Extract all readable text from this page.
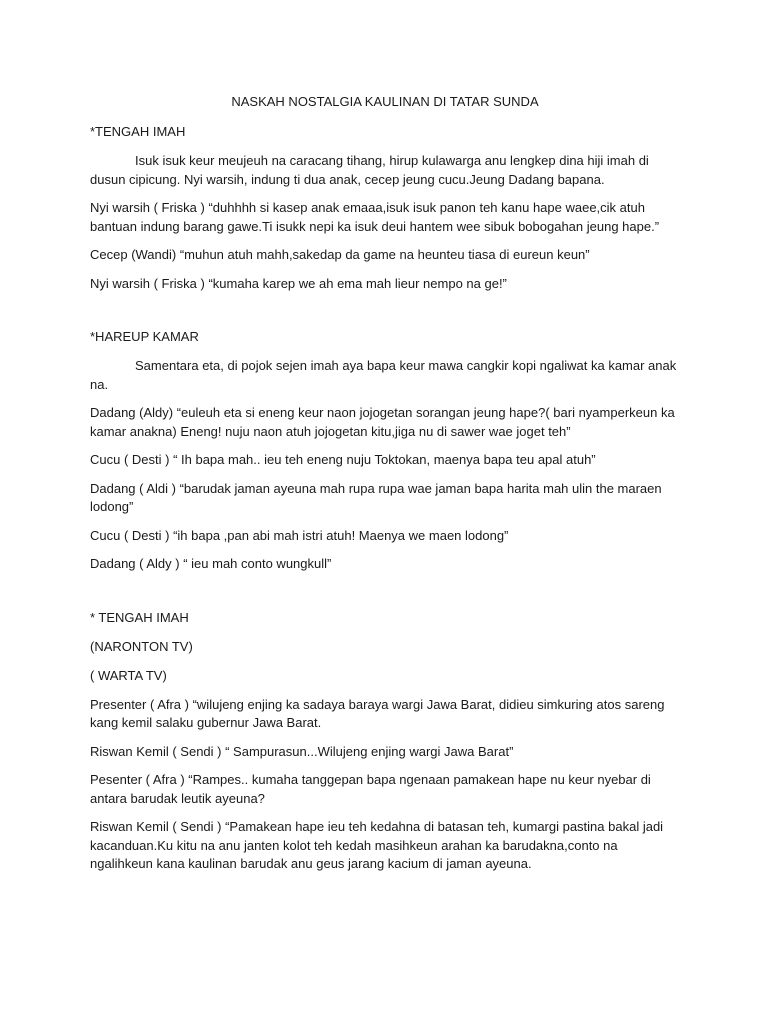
NASKAH NOSTALGIA KAULINAN DI TATAR SUNDA
*TENGAH IMAH
Isuk isuk keur meujeuh na caracang tihang, hirup kulawarga anu lengkep dina hiji imah di dusun cipicung. Nyi warsih, indung ti dua anak, cecep jeung cucu.Jeung Dadang bapana.
Nyi warsih ( Friska ) “duhhhh si kasep anak emaaa,isuk isuk panon teh kanu hape waee,cik atuh bantuan indung barang gawe.Ti isukk nepi ka isuk deui hantem wee sibuk bobogahan jeung hape.”
Cecep (Wandi) “muhun atuh mahh,sakedap da game na heunteu tiasa di eureun keun”
Nyi warsih ( Friska ) “kumaha karep we ah ema mah lieur nempo na ge!”
*HAREUP KAMAR
Samentara eta, di pojok sejen imah aya bapa keur mawa cangkir kopi ngaliwat ka kamar anak na.
Dadang (Aldy) “euleuh eta si eneng keur naon jojogetan sorangan jeung hape?( bari nyamperkeun ka kamar anakna) Eneng! nuju naon atuh jojogetan kitu,jiga nu di sawer wae joget teh”
Cucu ( Desti ) “ Ih bapa mah.. ieu teh eneng nuju Toktokan, maenya bapa teu apal atuh”
Dadang ( Aldi ) “barudak jaman ayeuna mah rupa rupa wae jaman bapa harita mah ulin the maraen lodong”
Cucu ( Desti ) “ih bapa ,pan abi mah istri atuh! Maenya we maen lodong”
Dadang ( Aldy ) “ ieu mah conto wungkull”
* TENGAH IMAH
(NARONTON TV)
( WARTA TV)
Presenter ( Afra ) “wilujeng enjing ka sadaya baraya wargi Jawa Barat, didieu simkuring atos sareng kang kemil salaku gubernur Jawa Barat.
Riswan Kemil ( Sendi ) “ Sampurasun...Wilujeng enjing wargi Jawa Barat”
Pesenter ( Afra ) “Rampes.. kumaha tanggepan bapa ngenaan pamakean hape nu keur nyebar di antara barudak leutik ayeuna?
Riswan Kemil ( Sendi ) “Pamakean hape ieu teh kedahna di batasan teh, kumargi pastina bakal jadi kacanduan.Ku kitu na anu janten kolot teh kedah masihkeun arahan ka barudakna,conto na ngalihkeun kana kaulinan barudak anu geus jarang kacium di jaman ayeuna.
